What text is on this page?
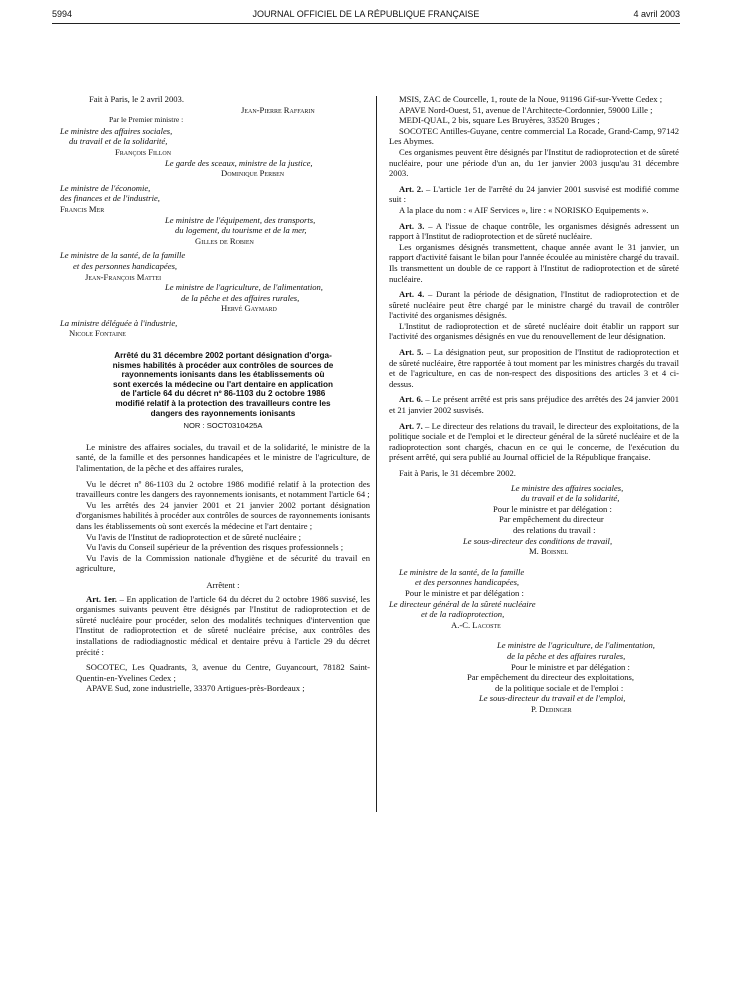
5994	JOURNAL OFFICIEL DE LA RÉPUBLIQUE FRANÇAISE	4 avril 2003
Fait à Paris, le 2 avril 2003.
Jean-Pierre Raffarin
Par le Premier ministre :
Le ministre des affaires sociales,
du travail et de la solidarité,
François Fillon
Le garde des sceaux, ministre de la justice,
Dominique Perben
Le ministre de l'économie,
des finances et de l'industrie,
Francis Mer
Le ministre de l'équipement, des transports,
du logement, du tourisme et de la mer,
Gilles de Robien
Le ministre de la santé, de la famille
et des personnes handicapées,
Jean-François Mattei
Le ministre de l'agriculture, de l'alimentation,
de la pêche et des affaires rurales,
Hervé Gaymard
La ministre déléguée à l'industrie,
Nicole Fontaine
Arrêté du 31 décembre 2002 portant désignation d'orga-
nismes habilités à procéder aux contrôles de sources de
rayonnements ionisants dans les établissements où
sont exercés la médecine ou l'art dentaire en application
de l'article 64 du décret nº 86-1103 du 2 octobre 1986
modifié relatif à la protection des travailleurs contre les
dangers des rayonnements ionisants
NOR : SOCT0310425A

Le ministre des affaires sociales, du travail et de la solidarité, le ministre de la santé, de la famille et des personnes handicapées et le ministre de l'agriculture, de l'alimentation, de la pêche et des affaires rurales,

Vu le décret nº 86-1103 du 2 octobre 1986 modifié relatif à la protection des travailleurs contre les dangers des rayonnements ionisants, et notamment l'article 64 ;

Vu les arrêtés des 24 janvier 2001 et 21 janvier 2002 portant désignation d'organismes habilités à procéder aux contrôles de sources de rayonnements ionisants dans les établissements où sont exercés la médecine et l'art dentaire ;

Vu l'avis de l'Institut de radioprotection et de sûreté nucléaire ;

Vu l'avis du Conseil supérieur de la prévention des risques professionnels ;

Vu l'avis de la Commission nationale d'hygiène et de sécurité du travail en agriculture,

Arrêtent :

Art. 1er. – En application de l'article 64 du décret du 2 octobre 1986 susvisé, les organismes suivants peuvent être désignés par l'Institut de radioprotection et de sûreté nucléaire pour procéder, selon des modalités techniques d'intervention que l'Institut de radioprotection et de sûreté nucléaire précise, aux contrôles des installations de radiodiagnostic médical et dentaire prévu à l'article 29 du décret précité :

SOCOTEC, Les Quadrants, 3, avenue du Centre, Guyancourt, 78182 Saint-Quentin-en-Yvelines Cedex ;

APAVE Sud, zone industrielle, 33370 Artigues-près-Bordeaux ;

MSIS, ZAC de Courcelle, 1, route de la Noue, 91196 Gif-sur-Yvette Cedex ;

APAVE Nord-Ouest, 51, avenue de l'Architecte-Cordonnier, 59000 Lille ;

MEDI-QUAL, 2 bis, square Les Bruyères, 33520 Bruges ;

SOCOTEC Antilles-Guyane, centre commercial La Rocade, Grand-Camp, 97142 Les Abymes.

Ces organismes peuvent être désignés par l'Institut de radioprotection et de sûreté nucléaire, pour une période d'un an, du 1er janvier 2003 jusqu'au 31 décembre 2003.

Art. 2. – L'article 1er de l'arrêté du 24 janvier 2001 susvisé est modifié comme suit :

A la place du nom : « AIF Services », lire : « NORISKO Equipements ».

Art. 3. – A l'issue de chaque contrôle, les organismes désignés adressent un rapport à l'Institut de radioprotection et de sûreté nucléaire.

Les organismes désignés transmettent, chaque année avant le 31 janvier, un rapport d'activité faisant le bilan pour l'année écoulée au ministère chargé du travail. Ils transmettent un double de ce rapport à l'Institut de radioprotection et de sûreté nucléaire.

Art. 4. – Durant la période de désignation, l'Institut de radioprotection et de sûreté nucléaire peut être chargé par le ministre chargé du travail de contrôler l'activité des organismes désignés.

L'Institut de radioprotection et de sûreté nucléaire doit établir un rapport sur l'activité des organismes désignés en vue du renouvellement de leur désignation.

Art. 5. – La désignation peut, sur proposition de l'Institut de radioprotection et de sûreté nucléaire, être rapportée à tout moment par les ministres chargés du travail et de l'agriculture, en cas de non-respect des dispositions des articles 3 et 4 ci-dessus.

Art. 6. – Le présent arrêté est pris sans préjudice des arrêtés des 24 janvier 2001 et 21 janvier 2002 susvisés.

Art. 7. – Le directeur des relations du travail, le directeur des exploitations, de la politique sociale et de l'emploi et le directeur général de la sûreté nucléaire et de la radioprotection sont chargés, chacun en ce qui le concerne, de l'exécution du présent arrêté, qui sera publié au Journal officiel de la République française.

Fait à Paris, le 31 décembre 2002.

Le ministre des affaires sociales,
du travail et de la solidarité,
Pour le ministre et par délégation :
Par empêchement du directeur
des relations du travail :
Le sous-directeur des conditions de travail,
M. Boisnel
Le ministre de la santé, de la famille
et des personnes handicapées,
Pour le ministre et par délégation :
Le directeur général de la sûreté nucléaire
et de la radioprotection,
A.-C. Lacoste
Le ministre de l'agriculture, de l'alimentation,
de la pêche et des affaires rurales,
Pour le ministre et par délégation :
Par empêchement du directeur des exploitations,
de la politique sociale et de l'emploi :
Le sous-directeur du travail et de l'emploi,
P. Dedinger
